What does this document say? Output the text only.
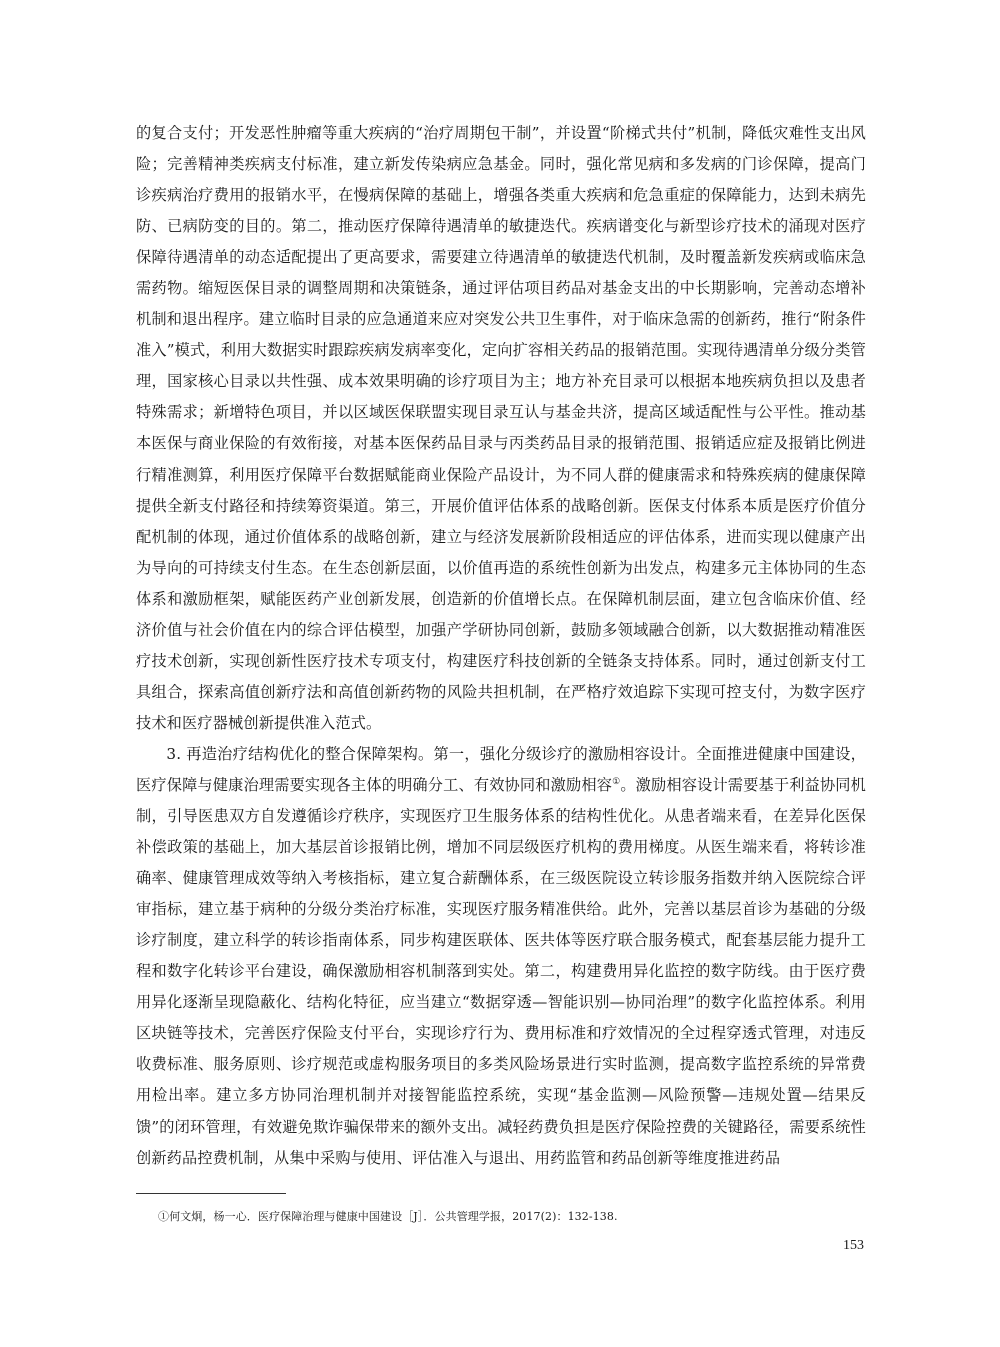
的复合支付；开发恶性肿瘤等重大疾病的“治疗周期包干制”，并设置“阶梯式共付”机制，降低灾难性支出风险；完善精神类疾病支付标准，建立新发传染病应急基金。同时，强化常见病和多发病的门诊保障，提高门诊疾病治疗费用的报销水平，在慢病保障的基础上，增强各类重大疾病和危急重症的保障能力，达到未病先防、已病防变的目的。第二，推动医疗保障待遇清单的敏捷迭代。疾病谱变化与新型诊疗技术的涌现对医疗保障待遇清单的动态适配提出了更高要求，需要建立待遇清单的敏捷迭代机制，及时覆盖新发疾病或临床急需药物。缩短医保目录的调整周期和决策链条，通过评估项目药品对基金支出的中长期影响，完善动态增补机制和退出程序。建立临时目录的应急通道来应对突发公共卫生事件，对于临床急需的创新药，推行“附条件准入”模式，利用大数据实时跟踪疾病发病率变化，定向扩容相关药品的报销范围。实现待遇清单分级分类管理，国家核心目录以共性强、成本效果明确的诊疗项目为主；地方补充目录可以根据本地疾病负担以及患者特殊需求；新增特色项目，并以区域医保联盟实现目录互认与基金共济，提高区域适配性与公平性。推动基本医保与商业保险的有效衔接，对基本医保药品目录与丙类药品目录的报销范围、报销适应症及报销比例进行精准测算，利用医疗保障平台数据赋能商业保险产品设计，为不同人群的健康需求和特殊疾病的健康保障提供全新支付路径和持续筹资渠道。第三，开展价值评估体系的战略创新。医保支付体系本质是医疗价值分配机制的体现，通过价值体系的战略创新，建立与经济发展新阶段相适应的评估体系，进而实现以健康产出为导向的可持续支付生态。在生态创新层面，以价值再造的系统性创新为出发点，构建多元主体协同的生态体系和激励框架，赋能医药产业创新发展，创造新的价值增长点。在保障机制层面，建立包含临床价值、经济价值与社会价值在内的综合评估模型，加强产学研协同创新，鼓励多领域融合创新，以大数据推动精准医疗技术创新，实现创新性医疗技术专项支付，构建医疗科技创新的全链条支持体系。同时，通过创新支付工具组合，探索高值创新疗法和高值创新药物的风险共担机制，在严格疗效追踪下实现可控支付，为数字医疗技术和医疗器械创新提供准入范式。

3. 再造治疗结构优化的整合保障架构。第一，强化分级诊疗的激励相容设计。全面推进健康中国建设，医疗保障与健康治理需要实现各主体的明确分工、有效协同和激励相容①。激励相容设计需要基于利益协同机制，引导医患双方自发遵循诊疗秩序，实现医疗卫生服务体系的结构性优化。从患者端来看，在差异化医保补偿政策的基础上，加大基层首诊报销比例，增加不同层级医疗机构的费用梯度。从医生端来看，将转诊准确率、健康管理成效等纳入考核指标，建立复合薪酬体系，在三级医院设立转诊服务指数并纳入医院综合评审指标，建立基于病种的分级分类治疗标准，实现医疗服务精准供给。此外，完善以基层首诊为基础的分级诊疗制度，建立科学的转诊指南体系，同步构建医联体、医共体等医疗联合服务模式，配套基层能力提升工程和数字化转诊平台建设，确保激励相容机制落到实处。第二，构建费用异化监控的数字防线。由于医疗费用异化逐渐呈现隐蔽化、结构化特征，应当建立“数据穿透—智能识别—协同治理”的数字化监控体系。利用区块链等技术，完善医疗保险支付平台，实现诊疗行为、费用标准和疗效情况的全过程穿透式管理，对违反收费标准、服务原则、诊疗规范或虚构服务项目的多类风险场景进行实时监测，提高数字监控系统的异常费用检出率。建立多方协同治理机制并对接智能监控系统，实现“基金监测—风险预警—违规处置—结果反馈”的闭环管理，有效避免欺诈骗保带来的额外支出。减轻药费负担是医疗保险控费的关键路径，需要系统性创新药品控费机制，从集中采购与使用、评估准入与退出、用药监管和药品创新等维度推进药品

①何文炯，杨一心．医疗保障治理与健康中国建设［J］．公共管理学报，2017(2)：132-138.
153
